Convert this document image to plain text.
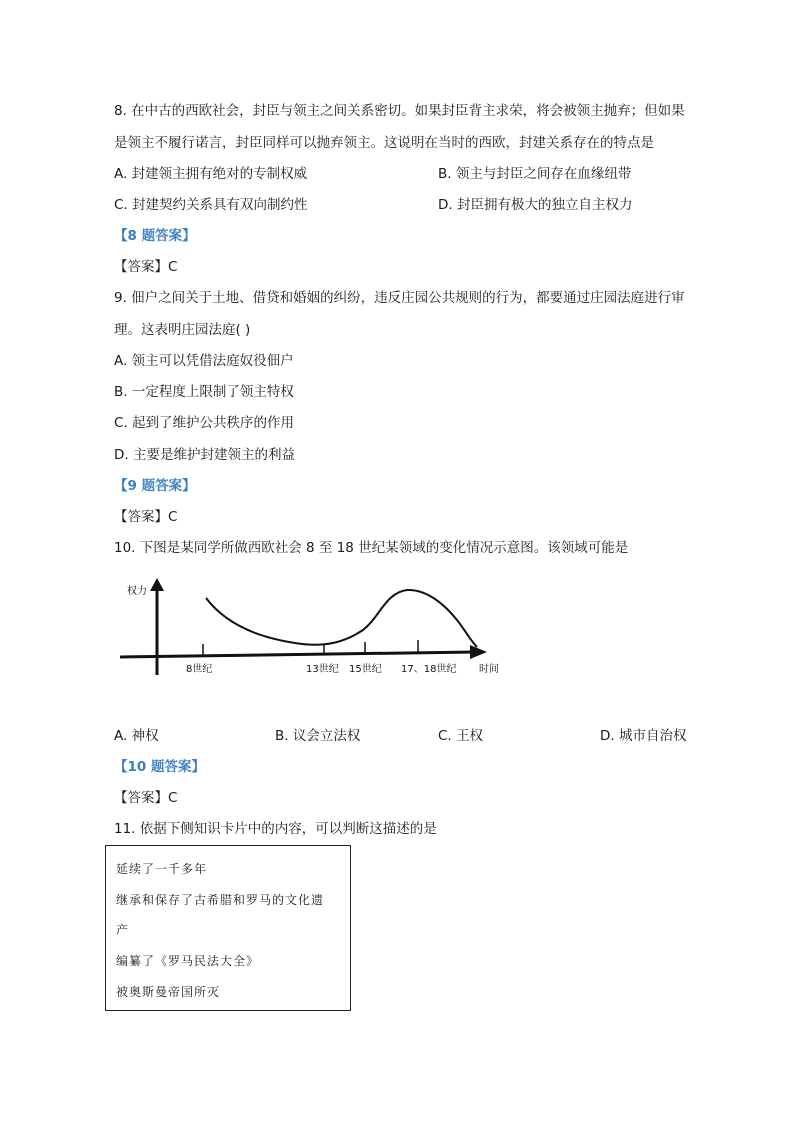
8. 在中古的西欧社会，封臣与领主之间关系密切。如果封臣背主求荣，将会被领主抛弃；但如果
是领主不履行诺言，封臣同样可以抛弃领主。这说明在当时的西欧，封建关系存在的特点是
A. 封建领主拥有绝对的专制权威	B. 领主与封臣之间存在血缘纽带
C. 封建契约关系具有双向制约性	D. 封臣拥有极大的独立自主权力
【8 题答案】
【答案】C
9. 佃户之间关于土地、借贷和婚姻的纠纷，违反庄园公共规则的行为，都要通过庄园法庭进行审
理。这表明庄园法庭( )
A. 领主可以凭借法庭奴役佃户
B. 一定程度上限制了领主特权
C. 起到了维护公共秩序的作用
D. 主要是维护封建领主的利益
【9 题答案】
【答案】C
10. 下图是某同学所做西欧社会 8 至 18 世纪某领域的变化情况示意图。该领域可能是
权力
8世纪	13世纪 15世纪 17、18世纪 时间
A. 神权	B. 议会立法权	C. 王权	D. 城市自治权
【10 题答案】
【答案】C
11. 依据下侧知识卡片中的内容，可以判断这描述的是
延续了一千多年
继承和保存了古希腊和罗马的文化遗
产
编纂了《罗马民法大全》
被奥斯曼帝国所灭
